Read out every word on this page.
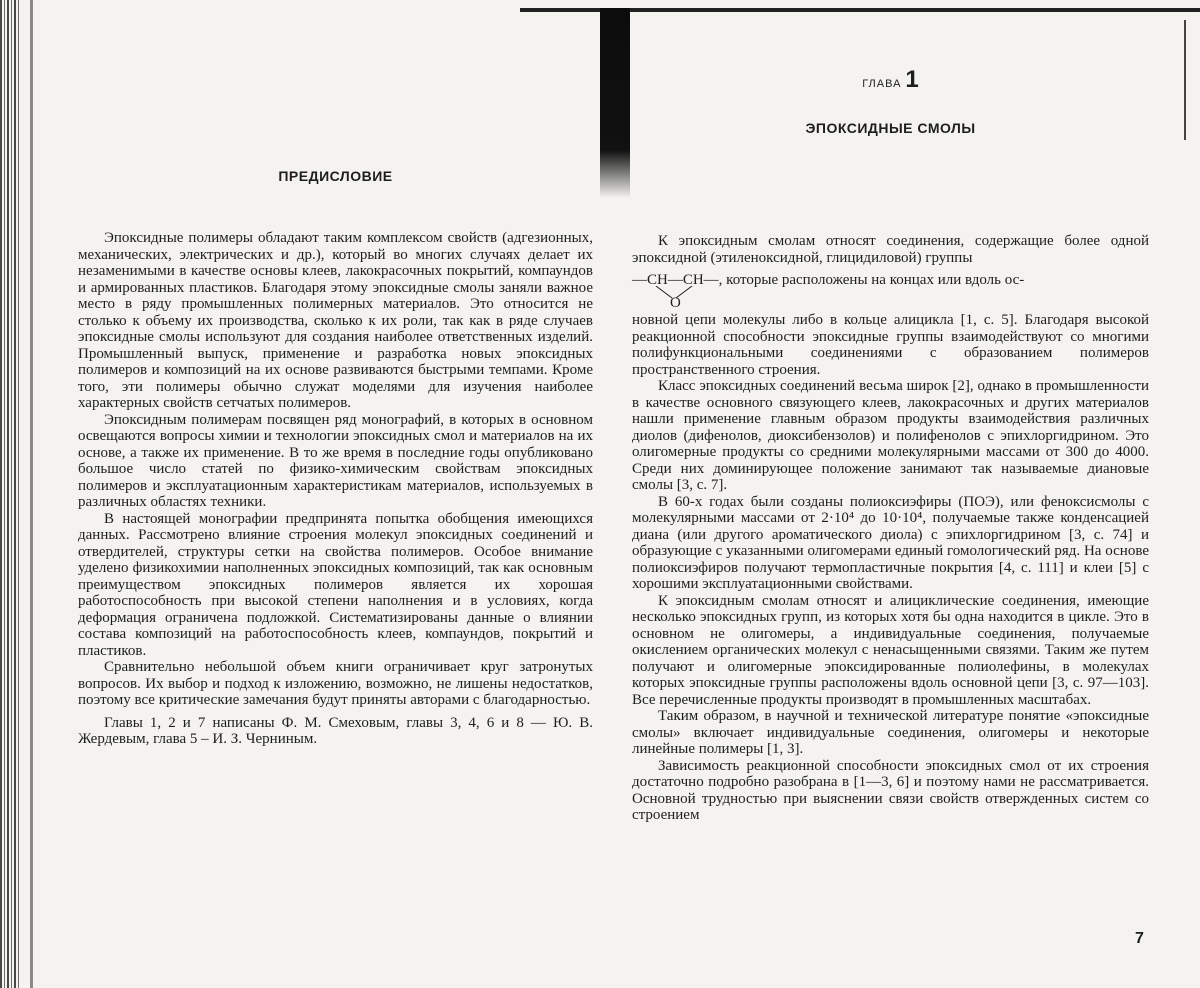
ПРЕДИСЛОВИЕ

Эпоксидные полимеры обладают таким комплексом свойств (адгезионных, механических, электрических и др.), который во многих случаях делает их незаменимыми в качестве основы клеев, лакокрасочных покрытий, компаундов и армированных пластиков. Благодаря этому эпоксидные смолы заняли важное место в ряду промышленных полимерных материалов. Это относится не столько к объему их производства, сколько к их роли, так как в ряде случаев эпоксидные смолы используют для создания наиболее ответственных изделий. Промышленный выпуск, применение и разработка новых эпоксидных полимеров и композиций на их основе развиваются быстрыми темпами. Кроме того, эти полимеры обычно служат моделями для изучения наиболее характерных свойств сетчатых полимеров.

Эпоксидным полимерам посвящен ряд монографий, в которых в основном освещаются вопросы химии и технологии эпоксидных смол и материалов на их основе, а также их применение. В то же время в последние годы опубликовано большое число статей по физико-химическим свойствам эпоксидных полимеров и эксплуатационным характеристикам материалов, используемых в различных областях техники.

В настоящей монографии предпринята попытка обобщения имеющихся данных. Рассмотрено влияние строения молекул эпоксидных соединений и отвердителей, структуры сетки на свойства полимеров. Особое внимание уделено физикохимии наполненных эпоксидных композиций, так как основным преимуществом эпоксидных полимеров является их хорошая работоспособность при высокой степени наполнения и в условиях, когда деформация ограничена подложкой. Систематизированы данные о влиянии состава композиций на работоспособность клеев, компаундов, покрытий и пластиков.

Сравнительно небольшой объем книги ограничивает круг затронутых вопросов. Их выбор и подход к изложению, возможно, не лишены недостатков, поэтому все критические замечания будут приняты авторами с благодарностью.

Главы 1, 2 и 7 написаны Ф. М. Смеховым, главы 3, 4, 6 и 8 — Ю. В. Жердевым, глава 5 – И. З. Черниным.

ГЛАВА 1
ЭПОКСИДНЫЕ СМОЛЫ

К эпоксидным смолам относят соединения, содержащие более одной эпоксидной (этиленоксидной, глицидиловой) группы

—CH—CH—, которые расположены на концах или вдоль ос-
O

новной цепи молекулы либо в кольце алицикла [1, с. 5]. Благодаря высокой реакционной способности эпоксидные группы взаимодействуют со многими полифункциональными соединениями с образованием полимеров пространственного строения.

Класс эпоксидных соединений весьма широк [2], однако в промышленности в качестве основного связующего клеев, лакокрасочных и других материалов нашли применение главным образом продукты взаимодействия различных диолов (дифенолов, диоксибензолов) и полифенолов с эпихлоргидрином. Это олигомерные продукты со средними молекулярными массами от 300 до 4000. Среди них доминирующее положение занимают так называемые диановые смолы [3, с. 7].

В 60-х годах были созданы полиоксиэфиры (ПОЭ), или феноксисмолы с молекулярными массами от 2·10⁴ до 10·10⁴, получаемые также конденсацией диана (или другого ароматического диола) с эпихлоргидрином [3, с. 74] и образующие с указанными олигомерами единый гомологический ряд. На основе полиоксиэфиров получают термопластичные покрытия [4, с. 111] и клеи [5] с хорошими эксплуатационными свойствами.

К эпоксидным смолам относят и алициклические соединения, имеющие несколько эпоксидных групп, из которых хотя бы одна находится в цикле. Это в основном не олигомеры, а индивидуальные соединения, получаемые окислением органических молекул с ненасыщенными связями. Таким же путем получают и олигомерные эпоксидированные полиолефины, в молекулах которых эпоксидные группы расположены вдоль основной цепи [3, с. 97—103]. Все перечисленные продукты производят в промышленных масштабах.

Таким образом, в научной и технической литературе понятие «эпоксидные смолы» включает индивидуальные соединения, олигомеры и некоторые линейные полимеры [1, 3].

Зависимость реакционной способности эпоксидных смол от их строения достаточно подробно разобрана в [1—3, 6] и поэтому нами не рассматривается. Основной трудностью при выяснении связи свойств отвержденных систем со строением

7
